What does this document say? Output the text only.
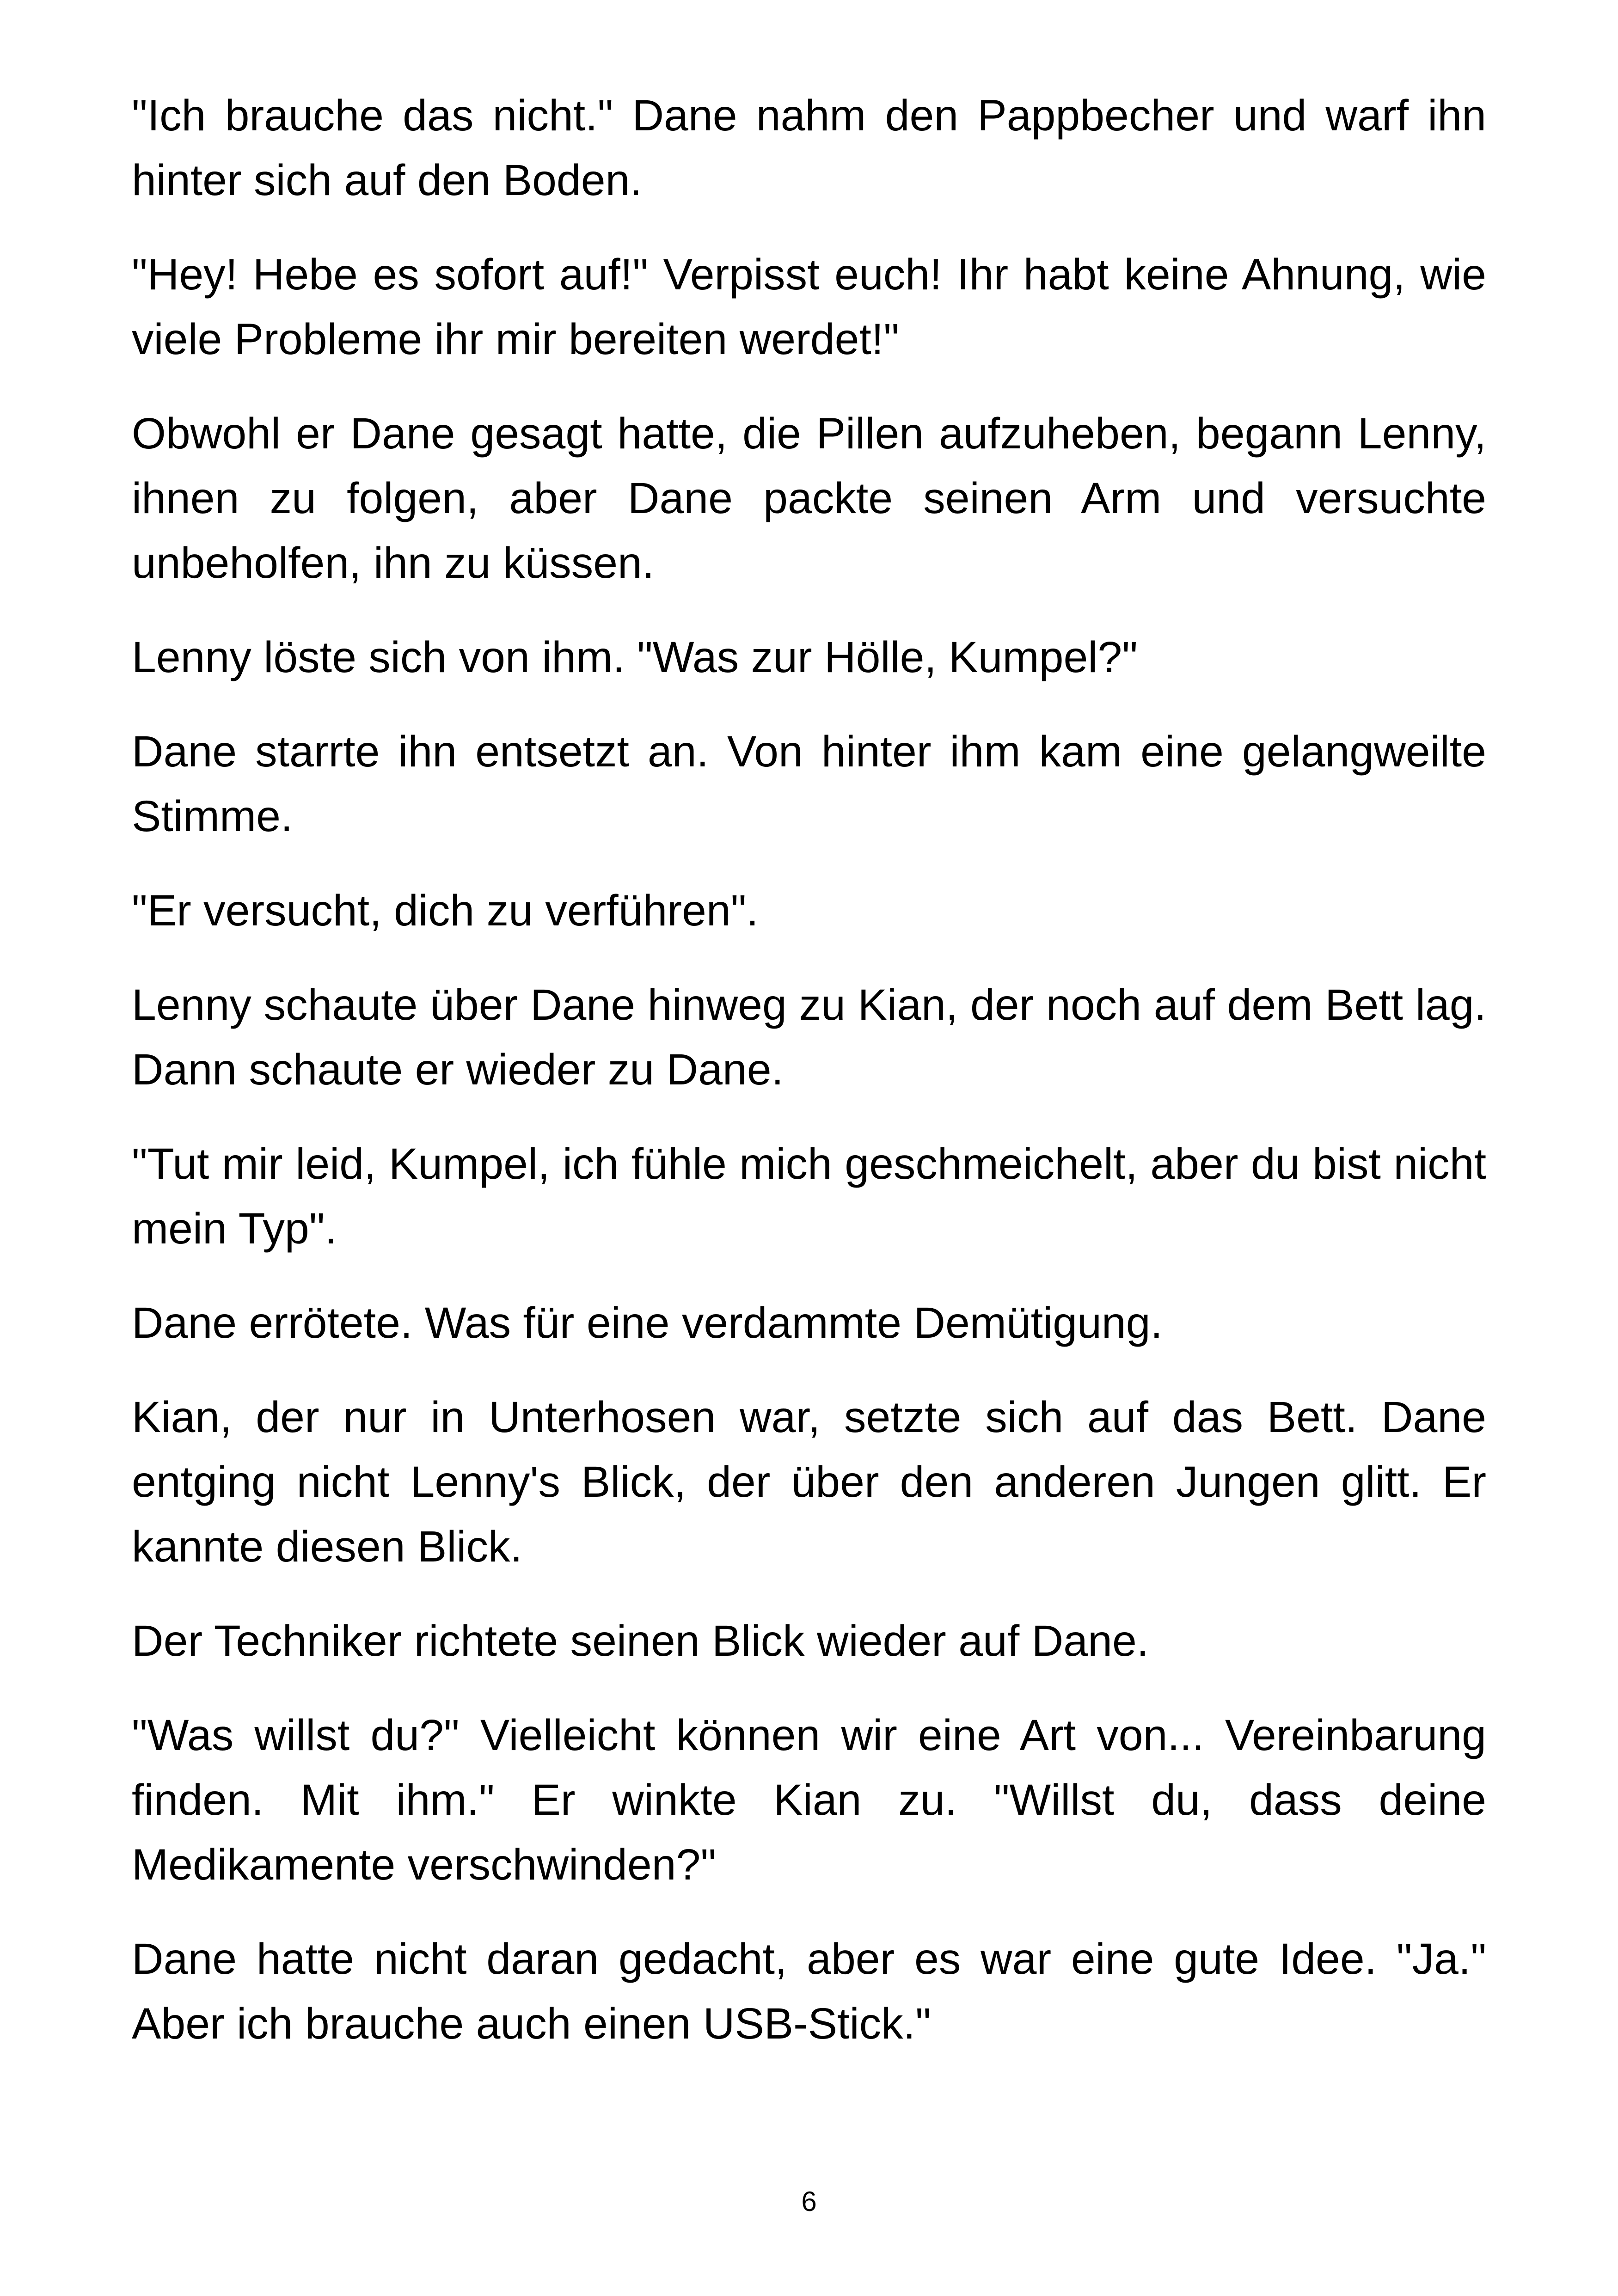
"Ich brauche das nicht." Dane nahm den Pappbecher und warf ihn hinter sich auf den Boden.

"Hey! Hebe es sofort auf!" Verpisst euch! Ihr habt keine Ahnung, wie viele Probleme ihr mir bereiten werdet!"

Obwohl er Dane gesagt hatte, die Pillen aufzuheben, begann Lenny, ihnen zu folgen, aber Dane packte seinen Arm und versuchte unbeholfen, ihn zu küssen.

Lenny löste sich von ihm. "Was zur Hölle, Kumpel?"

Dane starrte ihn entsetzt an. Von hinter ihm kam eine gelangweilte Stimme.

"Er versucht, dich zu verführen".

Lenny schaute über Dane hinweg zu Kian, der noch auf dem Bett lag. Dann schaute er wieder zu Dane.

"Tut mir leid, Kumpel, ich fühle mich geschmeichelt, aber du bist nicht mein Typ".

Dane errötete. Was für eine verdammte Demütigung.

Kian, der nur in Unterhosen war, setzte sich auf das Bett. Dane entging nicht Lenny's Blick, der über den anderen Jungen glitt. Er kannte diesen Blick.

Der Techniker richtete seinen Blick wieder auf Dane.

"Was willst du?" Vielleicht können wir eine Art von... Vereinbarung finden. Mit ihm." Er winkte Kian zu. "Willst du, dass deine Medikamente verschwinden?"

Dane hatte nicht daran gedacht, aber es war eine gute Idee. "Ja." Aber ich brauche auch einen USB-Stick."

6
